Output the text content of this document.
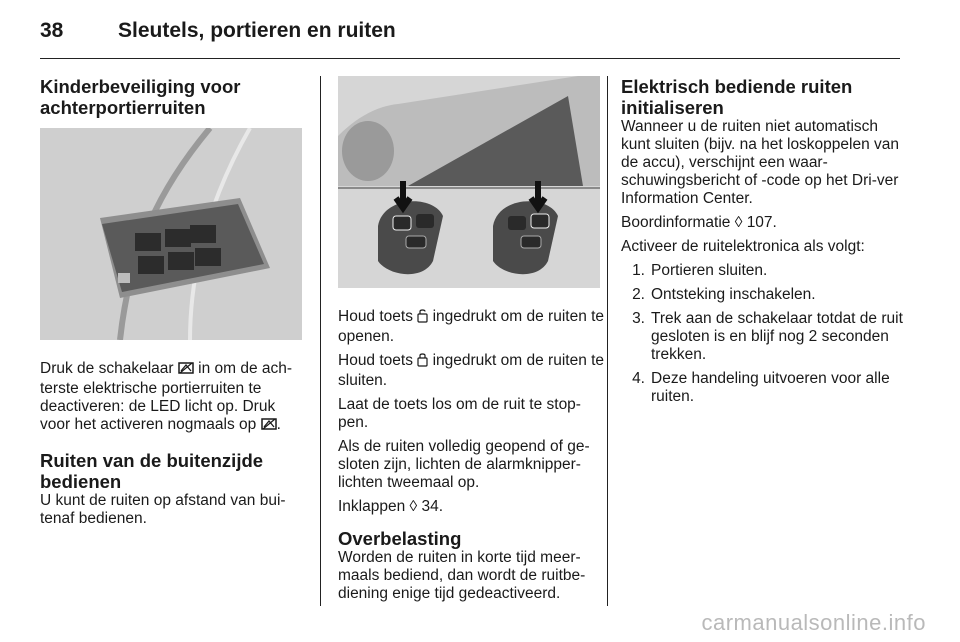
38	Sleutels, portieren en ruiten
Kinderbeveiliging voor achterportierruiten

Druk de schakelaar in om de ach-terste elektrische portierruiten te deactiveren: de LED licht op. Druk voor het activeren nogmaals op .

Ruiten van de buitenzijde bedienen

U kunt de ruiten op afstand van bui-tenaf bedienen.

Houd toets ingedrukt om de ruiten te openen.

Houd toets ingedrukt om de ruiten te sluiten.

Laat de toets los om de ruit te stop-pen.

Als de ruiten volledig geopend of ge-sloten zijn, lichten de alarmknipper-lichten tweemaal op.

Inklappen ◊ 34.

Overbelasting

Worden de ruiten in korte tijd meer-maals bediend, dan wordt de ruitbe-diening enige tijd gedeactiveerd.

Elektrisch bediende ruiten initialiseren

Wanneer u de ruiten niet automatisch kunt sluiten (bijv. na het loskoppelen van de accu), verschijnt een waar-schuwingsbericht of -code op het Dri-ver Information Center.

Boordinformatie ◊ 107.

Activeer de ruitelektronica als volgt:

1. Portieren sluiten.
2. Ontsteking inschakelen.
3. Trek aan de schakelaar totdat de ruit gesloten is en blijf nog 2 seconden trekken.
4. Deze handeling uitvoeren voor alle ruiten.
carmanualsonline.info
